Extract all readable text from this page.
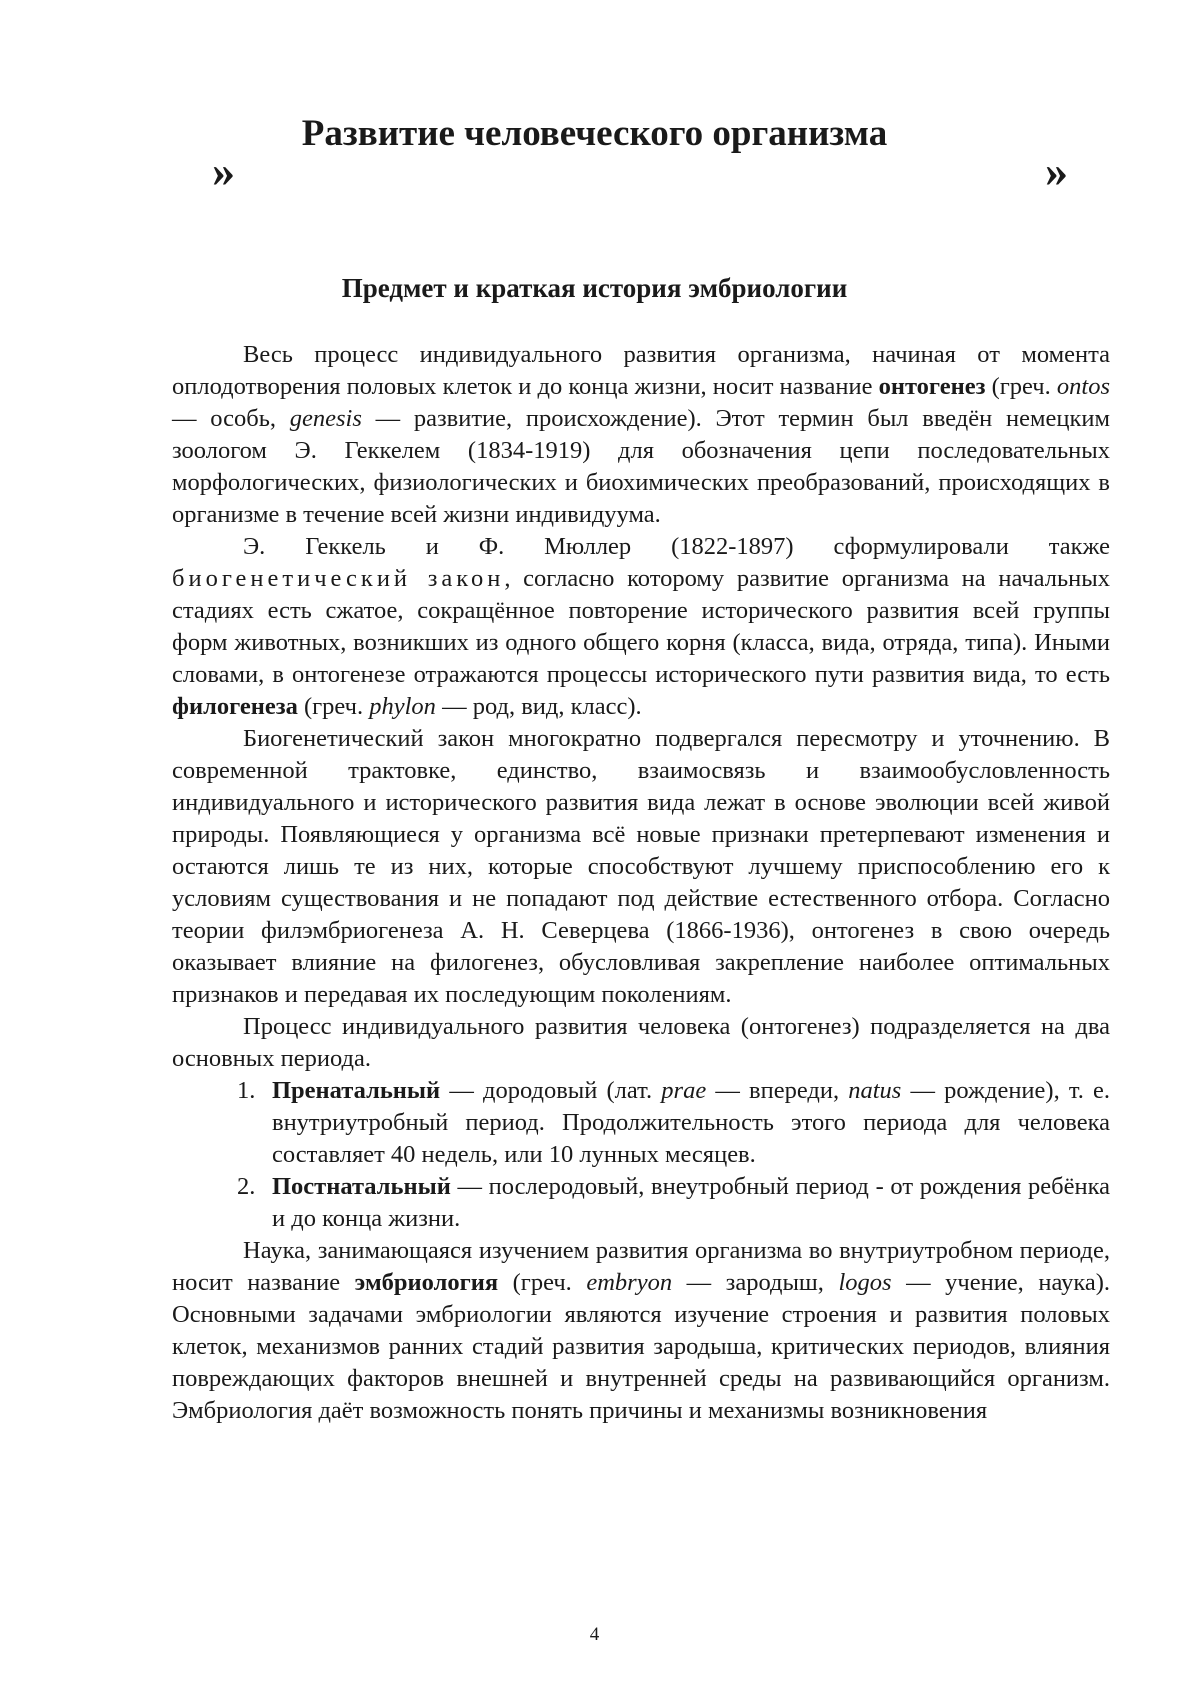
»
Развитие человеческого организма
»
Предмет и краткая история эмбриологии

Весь процесс индивидуального развития организма, начиная от момента оплодотворения половых клеток и до конца жизни, носит название онтогенез (греч. ontos — особь, genesis — развитие, происхождение). Этот термин был введён немецким зоологом Э. Геккелем (1834-1919) для обозначения цепи последовательных морфологических, физиологических и биохимических преобразований, происходящих в организме в течение всей жизни индивидуума.

Э. Геккель и Ф. Мюллер (1822-1897) сформулировали также биогенетический закон, согласно которому развитие организма на начальных стадиях есть сжатое, сокращённое повторение исторического развития всей группы форм животных, возникших из одного общего корня (класса, вида, отряда, типа). Иными словами, в онтогенезе отражаются процессы исторического пути развития вида, то есть филогенеза (греч. phylon — род, вид, класс).

Биогенетический закон многократно подвергался пересмотру и уточнению. В современной трактовке, единство, взаимосвязь и взаимообусловленность индивидуального и исторического развития вида лежат в основе эволюции всей живой природы. Появляющиеся у организма всё новые признаки претерпевают изменения и остаются лишь те из них, которые способствуют лучшему приспособлению его к условиям существования и не попадают под действие естественного отбора. Согласно теории филэмбриогенеза А. Н. Северцева (1866-1936), онтогенез в свою очередь оказывает влияние на филогенез, обусловливая закрепление наиболее оптимальных признаков и передавая их последующим поколениям.

Процесс индивидуального развития человека (онтогенез) подразделяется на два основных периода.

1. Пренатальный — дородовый (лат. prae — впереди, natus — рождение), т. е. внутриутробный период. Продолжительность этого периода для человека составляет 40 недель, или 10 лунных месяцев.
2. Постнатальный — послеродовый, внеутробный период - от рождения ребёнка и до конца жизни.

Наука, занимающаяся изучением развития организма во внутриутробном периоде, носит название эмбриология (греч. embryon — зародыш, logos — учение, наука). Основными задачами эмбриологии являются изучение строения и развития половых клеток, механизмов ранних стадий развития зародыша, критических периодов, влияния повреждающих факторов внешней и внутренней среды на развивающийся организм. Эмбриология даёт возможность понять причины и механизмы возникновения

4
